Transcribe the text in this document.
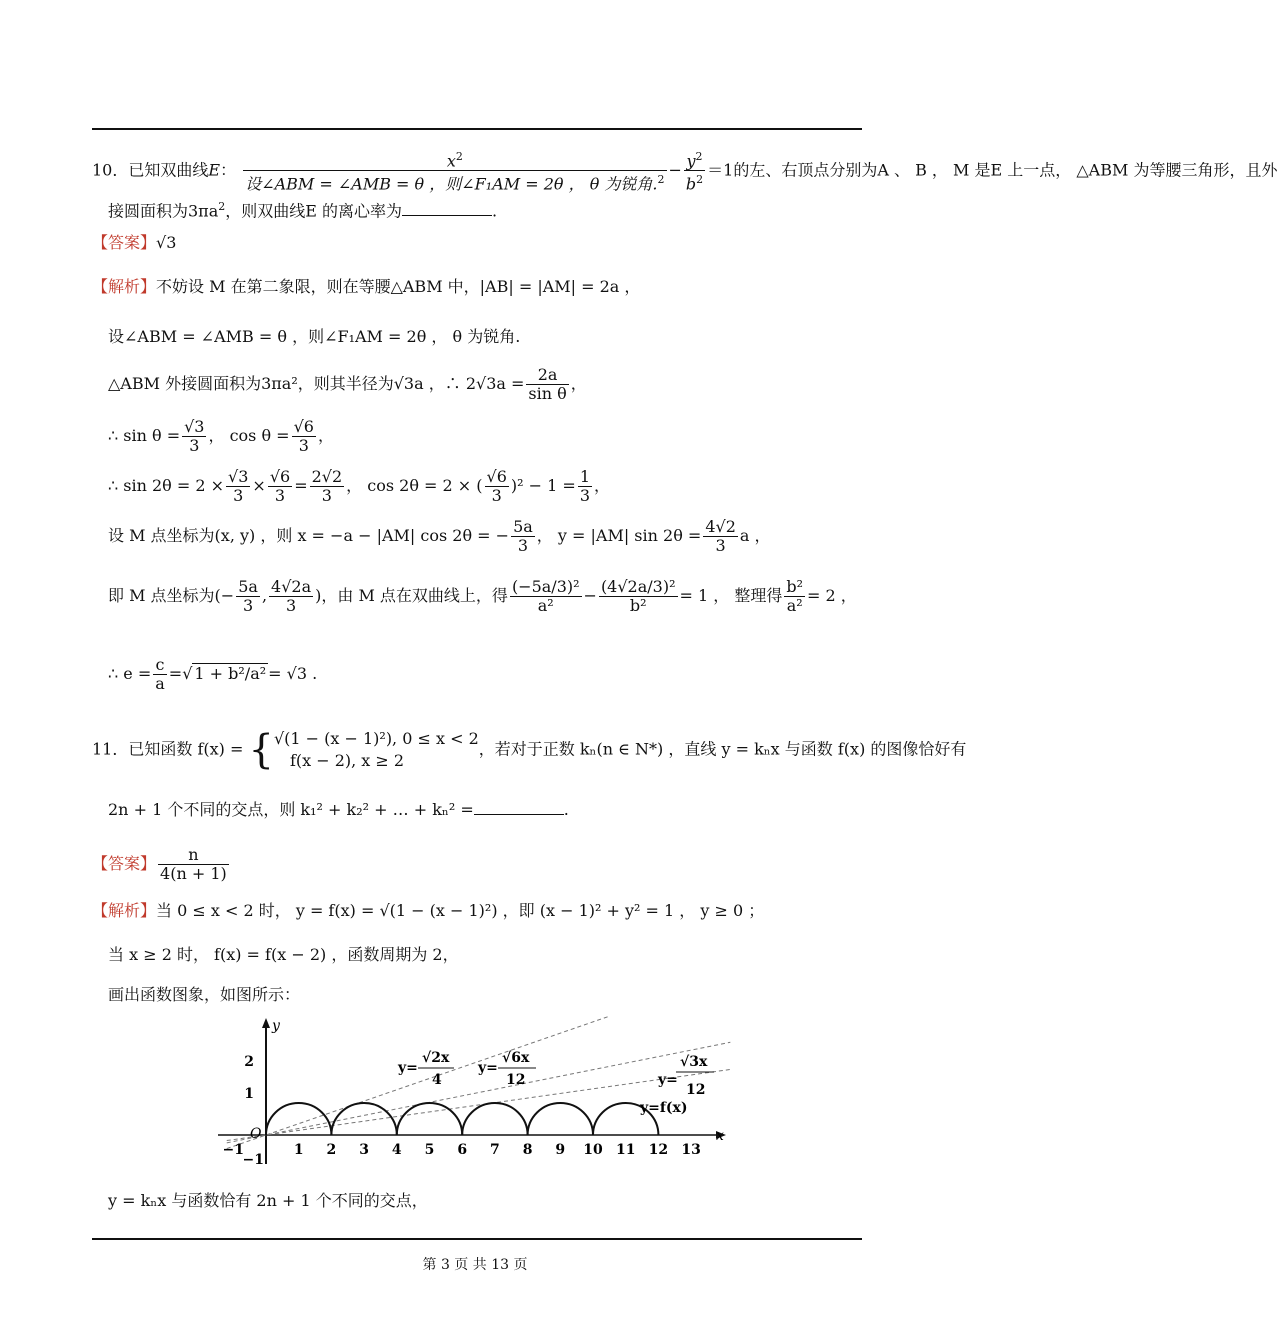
10．已知双曲线E： $\frac{x^2}{设\angle ABM = \angle AMB = \theta ,则\angle F_1AM = 2\theta , \theta 为锐角.^2} - \frac{y^2}{b^2} =1$的左、右顶点分别为A 、 B ， M 是E 上一点， △ABM 为等腰三角形，且外
接圆面积为$3\pi a^2$，则双曲线E 的离心率为	.
【答案】√3
【解析】不妨设 M 在第二象限，则在等腰△ABM 中，|AB| = |AM| = 2a ，
设∠ABM = ∠AMB = θ ，则∠F₁AM = 2θ ， θ 为锐角.
△ABM 外接圆面积为3πa²，则其半径为√3a ，∴ $2√3a = \frac{2a}{\text{sin θ}}$ ，
∴ $\sin \theta = \frac{√3}{3}$ ， $\cos \theta = \frac{√6}{3}$ ，
∴ $\sin 2\theta = 2 \times \frac{√3}{3} \times \frac{√6}{3} = \frac{2√2}{3}$ ， cos 2θ = 2 × ( $\frac{√6}{3} )^2 - 1 = \frac{1}{3}$ ，
设 M 点坐标为(x, y) ，则 x = −a − |AM| cos 2θ = − $\frac{5a}{3}$ ， y = |AM| $\sin 2\theta = \frac{4√2}{3}$ a ，
即 M 点坐标为(− $\frac{5a}{3}$ , $\frac{4√2a}{3}$ )，由 M 点在双曲线上，得 $\frac{\text{(−5a/3)²}}{\text{a²}} - \frac{\text{(4√2a/3)²}}{\text{b²}} = 1$ ， 整理得 $\frac{\text{b²}}{\text{a²}} = 2$ ，
∴ $e = \frac{c}{a}$ =√ 1 + b²/a² = √3 .
11．已知函数 f(x) = { √(1 − (x − 1)²), 0 ≤ x < 2
f(x − 2), x ≥ 2
，若对于正数 kₙ(n ∈ N*) ，直线 y = kₙx 与函数 f(x) 的图像恰好有
2n + 1 个不同的交点，则 k₁² + k₂² + … + kₙ² =	.
【答案】 $\frac{n}{4(n + 1)}$
【解析】当 0 ≤ x < 2 时， y = f(x) = √(1 − (x − 1)²) ，即 (x − 1)² + y² = 1 ， y ≥ 0 ；
当 x ≥ 2 时， f(x) = f(x − 2) ，函数周期为 2，
画出函数图象，如图所示：
−1	1 2 3 4 5 6 7 8 9 10 11 12 13
2
1
−1
O	x
y
y=
√2x
4
y=
√6x
12	y=
√3x
12
y=f(x)
y = kₙx 与函数恰有 2n + 1 个不同的交点，
第 3 页 共 13 页
